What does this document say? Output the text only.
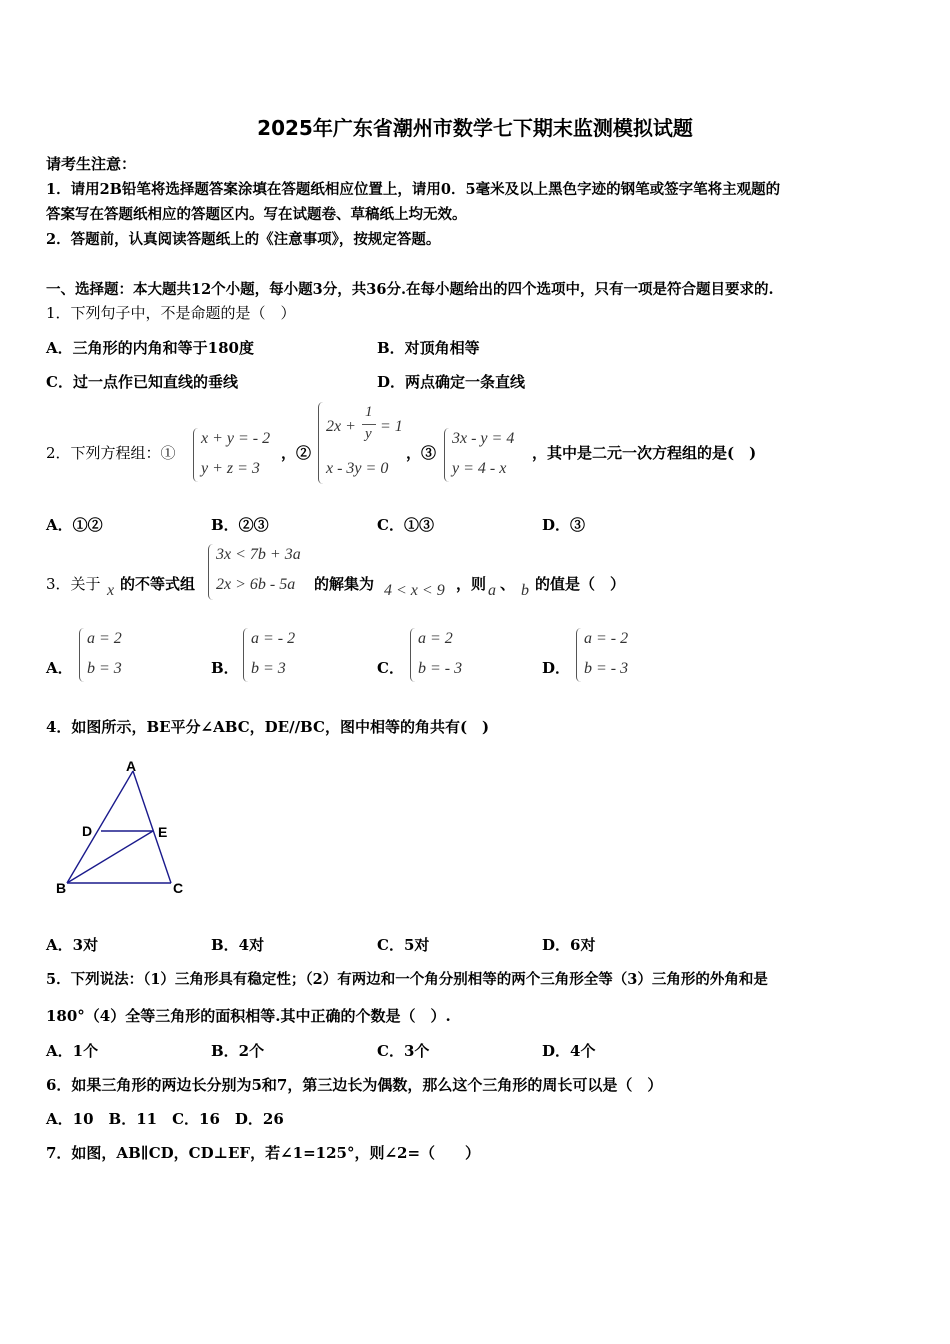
2025年广东省潮州市数学七下期末监测模拟试题
请考生注意：
1．请用2B铅笔将选择题答案涂填在答题纸相应位置上，请用0．5毫米及以上黑色字迹的钢笔或签字笔将主观题的
答案写在答题纸相应的答题区内。写在试题卷、草稿纸上均无效。
2．答题前，认真阅读答题纸上的《注意事项》，按规定答题。
一、选择题：本大题共12个小题，每小题3分，共36分.在每小题给出的四个选项中，只有一项是符合题目要求的.
1．下列句子中，不是命题的是（　）
A．三角形的内角和等于180度	B．对顶角相等
C．过一点作已知直线的垂线	D．两点确定一条直线
2．下列方程组：①
x + y = - 2
y + z = 3
，②
2x +
1
y = 1
x - 3y = 0
，③
3x - y = 4
y = 4 - x
，其中是二元一次方程组的是(　)
A．①②	B．②③	C．①③	D．③
3．关于 x 的不等式组
3x < 7b + 3a
2x > 6b - 5a 的解集为 4 < x < 9 ，则 a 、 b 的值是（　）
A．
a = 2
b = 3	B．
a = - 2
b = 3	C．
a = 2
b = - 3	D．
a = - 2
b = - 3
4．如图所示，BE平分∠ABC，DE//BC，图中相等的角共有(　)
A
D	E
B	C
A．3对	B．4对	C．5对	D．6对
5．下列说法：（1）三角形具有稳定性；（2）有两边和一个角分别相等的两个三角形全等（3）三角形的外角和是
180°（4）全等三角形的面积相等.其中正确的个数是（　）.
A．1个	B．2个	C．3个	D．4个
6．如果三角形的两边长分别为5和7，第三边长为偶数，那么这个三角形的周长可以是（　）
A．10　B．11　C．16　D．26
7．如图，AB∥CD，CD⊥EF，若∠1=125°，则∠2=（　　）
